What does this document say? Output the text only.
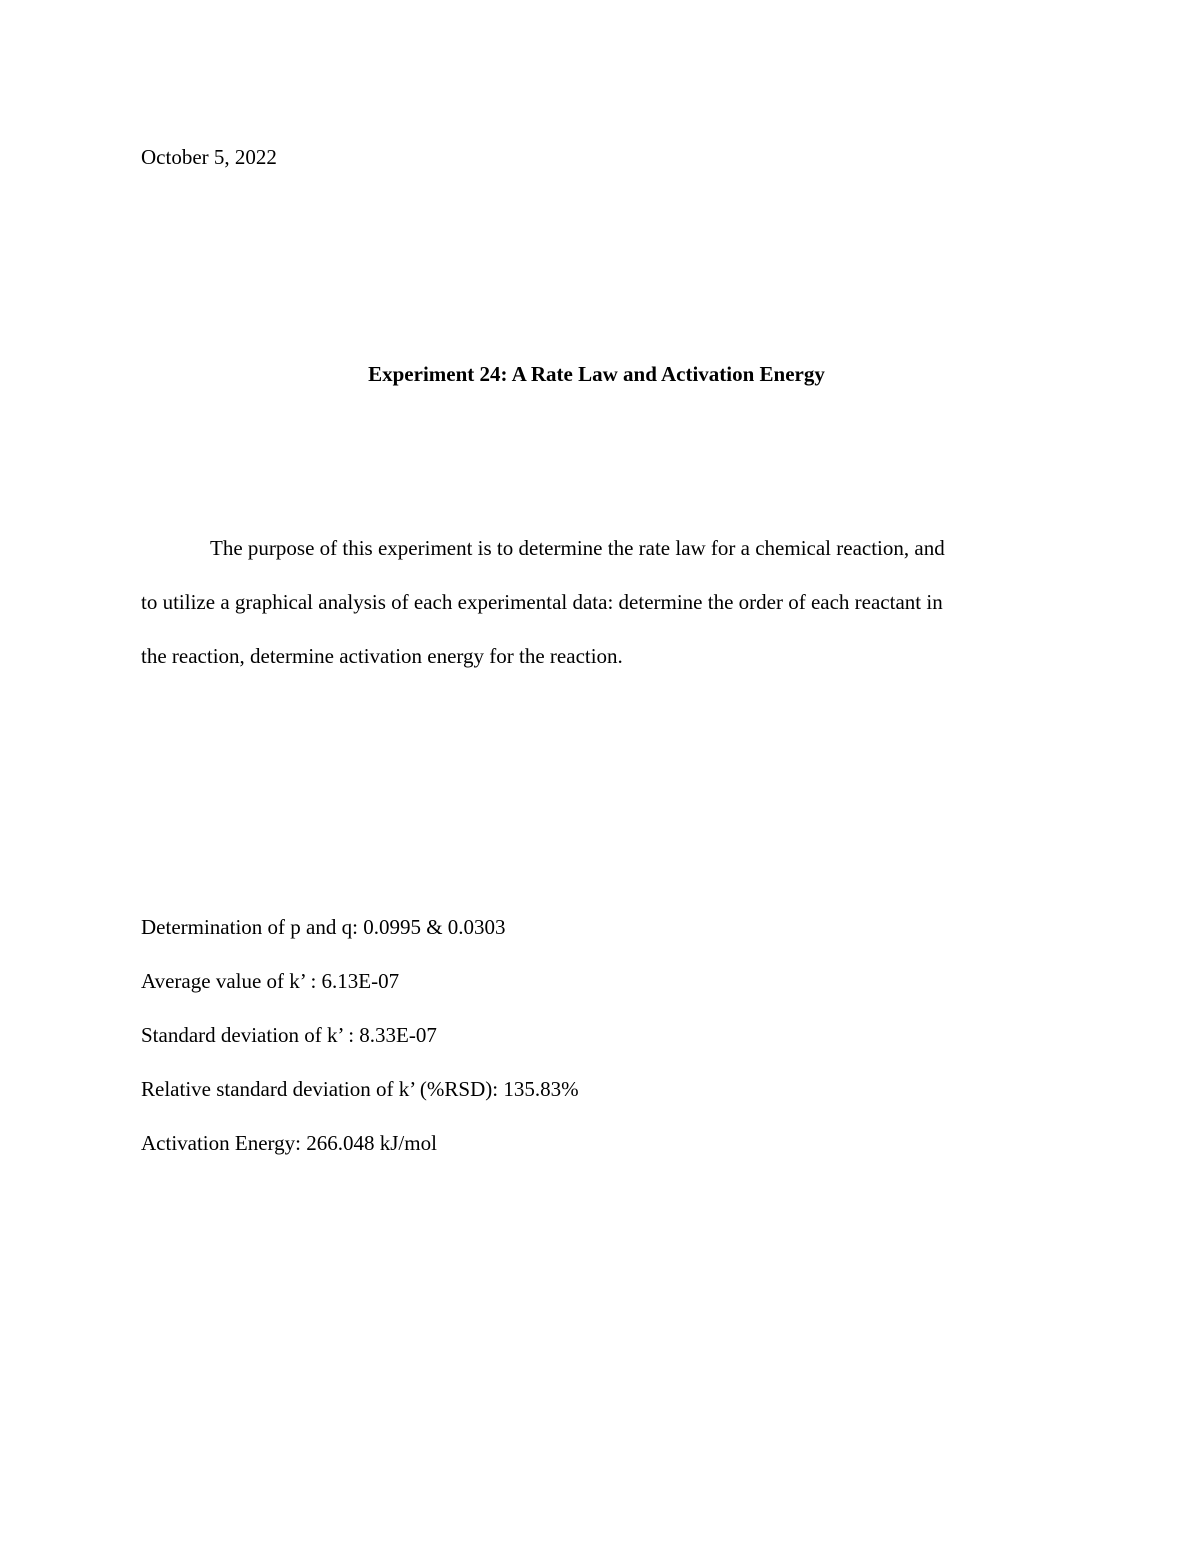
October 5, 2022
Experiment 24: A Rate Law and Activation Energy
The purpose of this experiment is to determine the rate law for a chemical reaction, and
to utilize a graphical analysis of each experimental data: determine the order of each reactant in
the reaction, determine activation energy for the reaction.
Determination of p and q: 0.0995 & 0.0303
Average value of k’ : 6.13E-07
Standard deviation of k’ : 8.33E-07
Relative standard deviation of k’ (%RSD): 135.83%
Activation Energy: 266.048 kJ/mol
